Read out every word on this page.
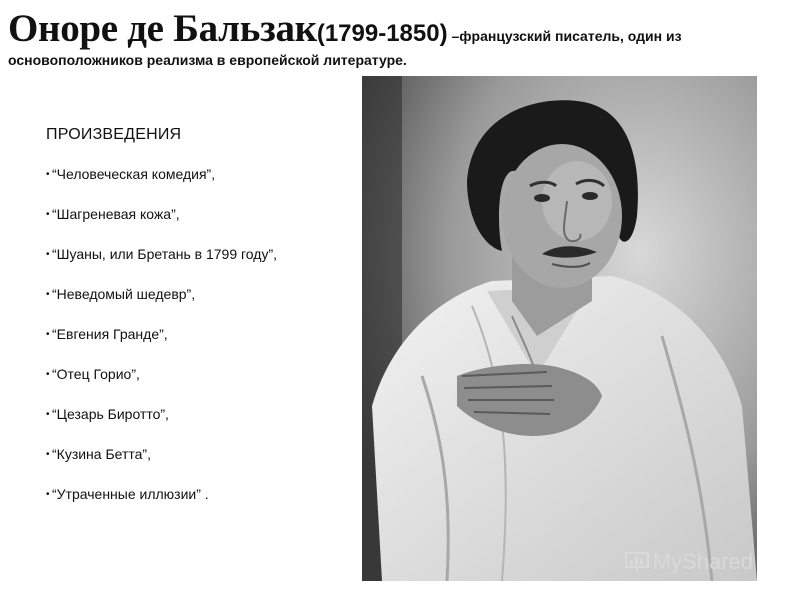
Оноре де Бальзак(1799-1850) –французский писатель, один из
основоположников реализма в европейской литературе.
ПРОИЗВЕДЕНИЯ
• “Человеческая комедия”,
• “Шагреневая кожа”,
• “Шуаны, или Бретань в 1799 году”,
• “Неведомый шедевр”,
• “Евгения Гранде”,
• “Отец Горио”,
• “Цезарь Биротто”,
• “Кузина Бетта”,
• “Утраченные иллюзии” .
MyShared
